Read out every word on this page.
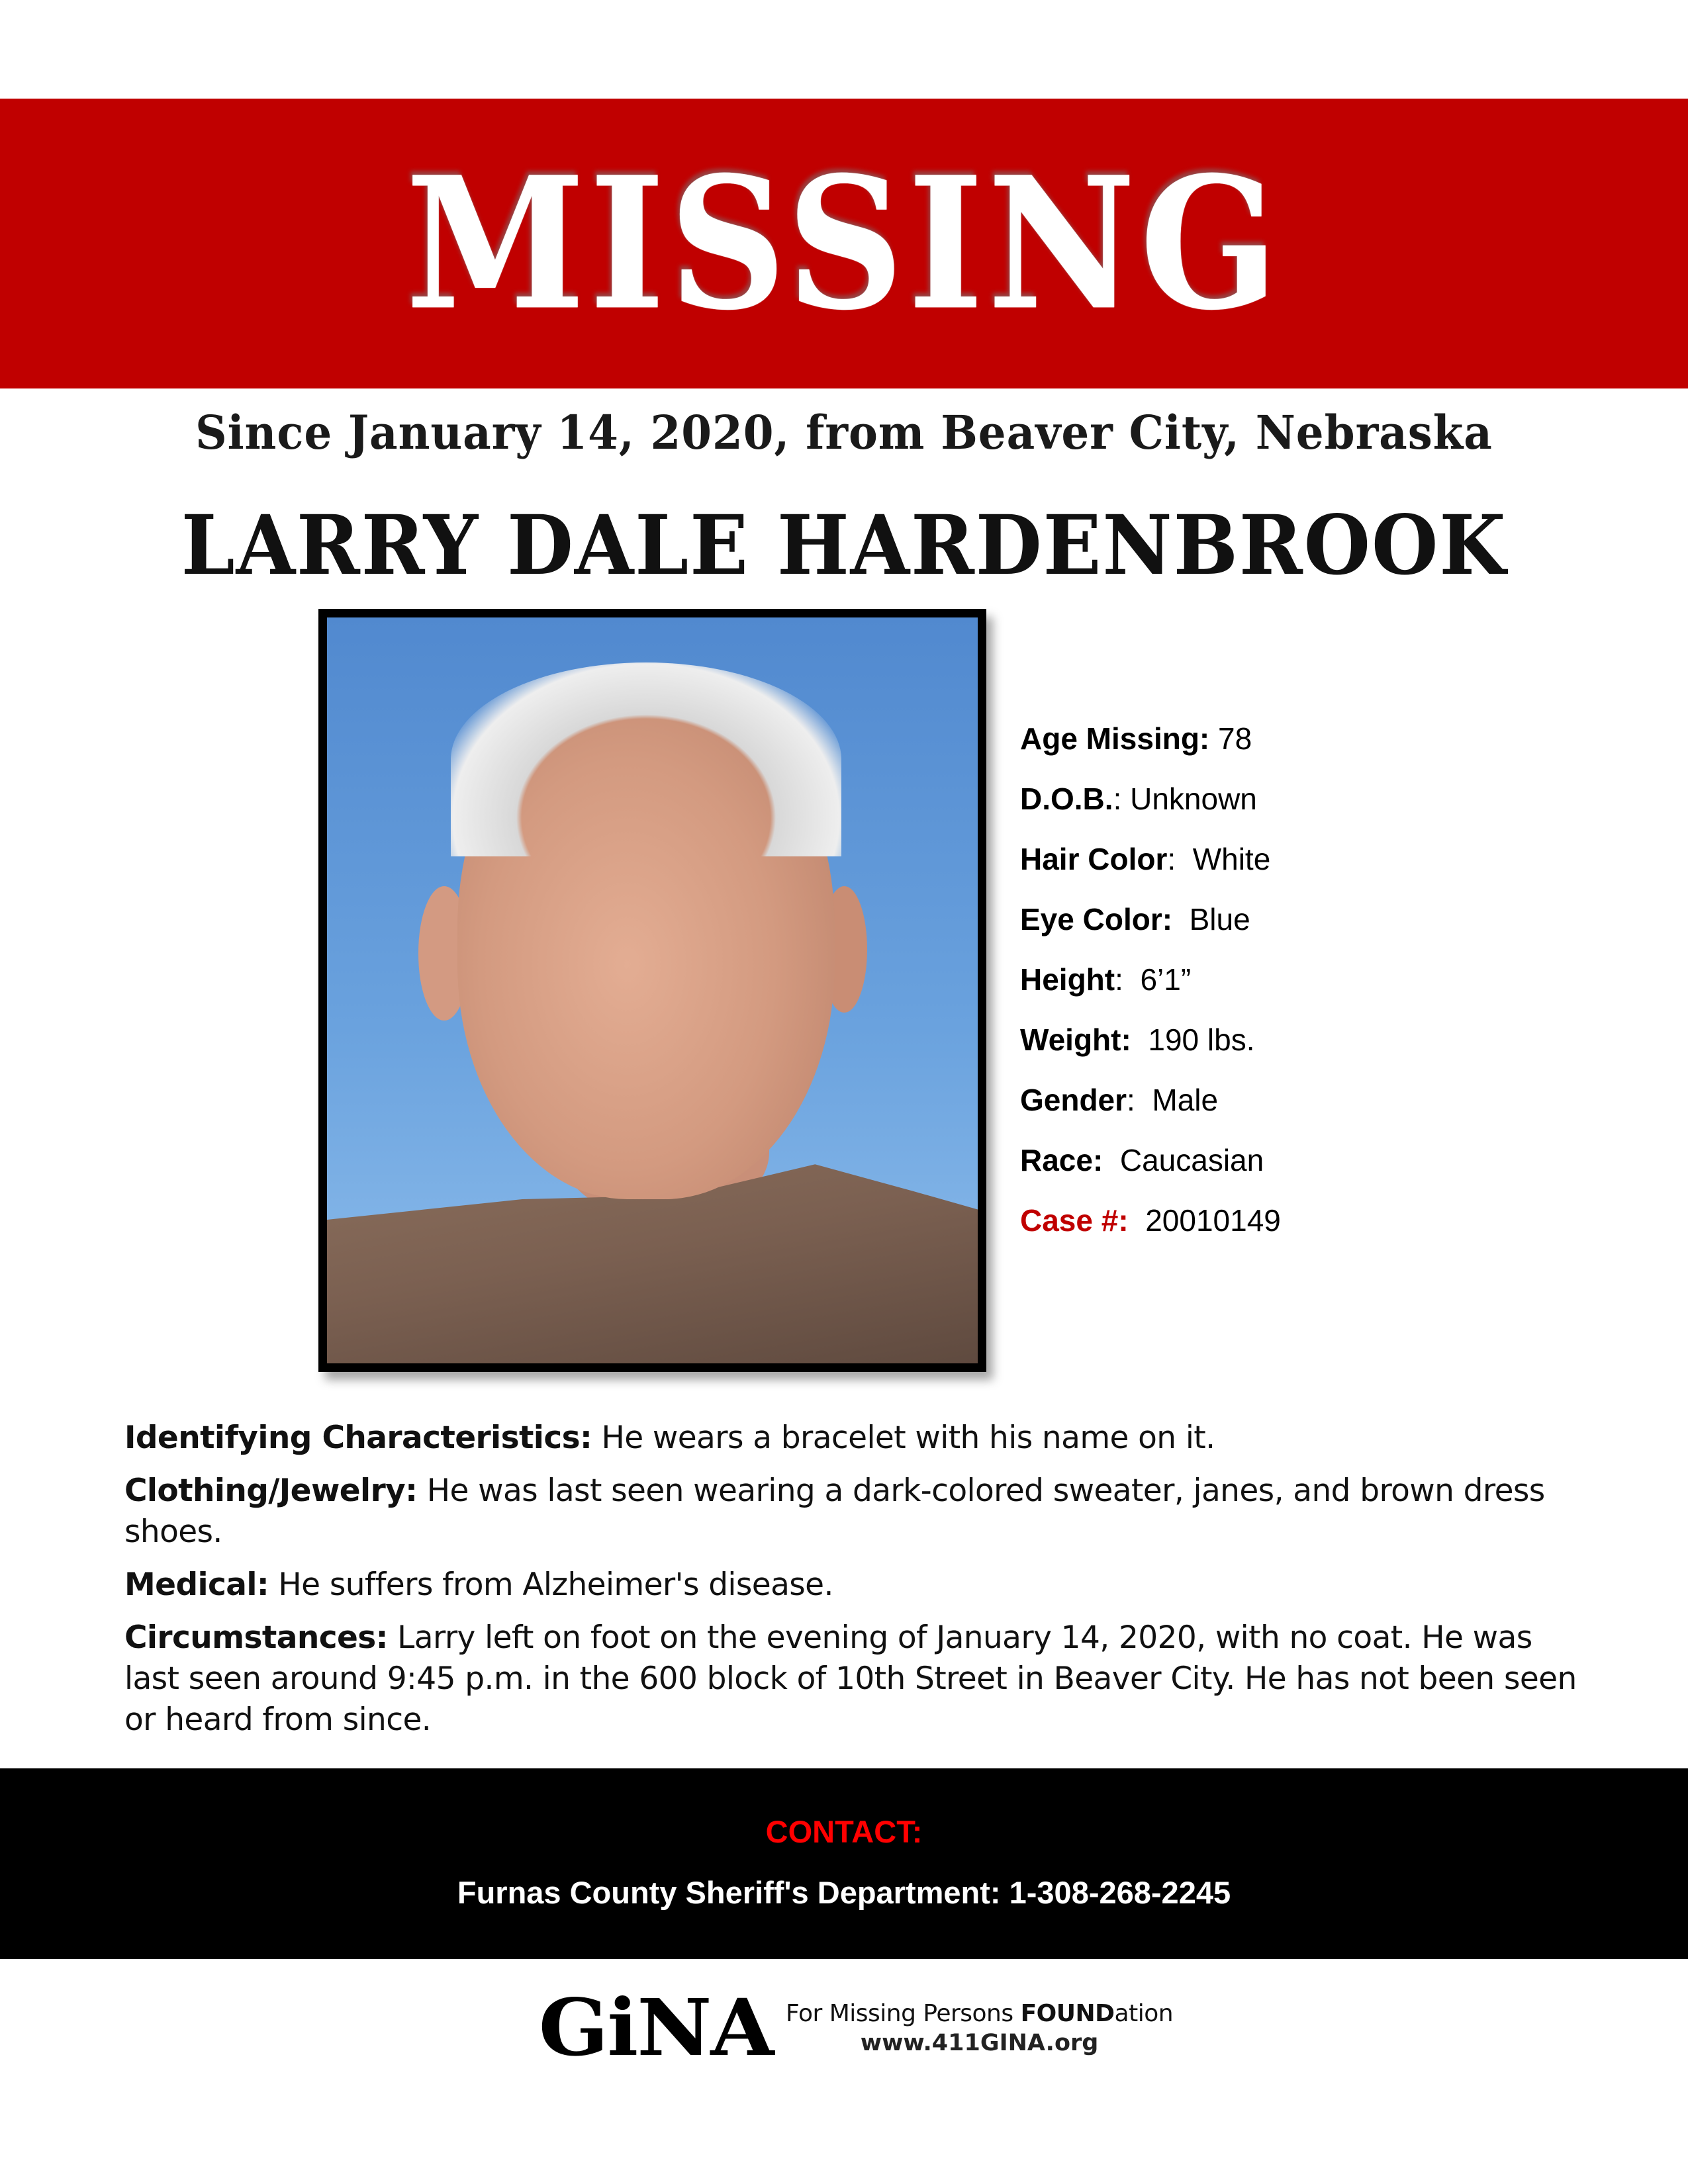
MISSING
Since January 14, 2020, from Beaver City, Nebraska
LARRY DALE HARDENBROOK
Age Missing: 78
D.O.B.: Unknown
Hair Color:  White
Eye Color:  Blue
Height:  6’1”
Weight:  190 lbs.
Gender:  Male
Race:  Caucasian
Case #:  20010149
Identifying Characteristics: He wears a bracelet with his name on it.
Clothing/Jewelry: He was last seen wearing a dark-colored sweater, janes, and brown dress shoes.
Medical: He suffers from Alzheimer's disease.
Circumstances: Larry left on foot on the evening of January 14, 2020, with no coat. He was last seen around 9:45 p.m. in the 600 block of 10th Street in Beaver City. He has not been seen or heard from since.
CONTACT:
Furnas County Sheriff's Department: 1-308-268-2245
GiNA For Missing Persons FOUNDation
www.411GINA.org
